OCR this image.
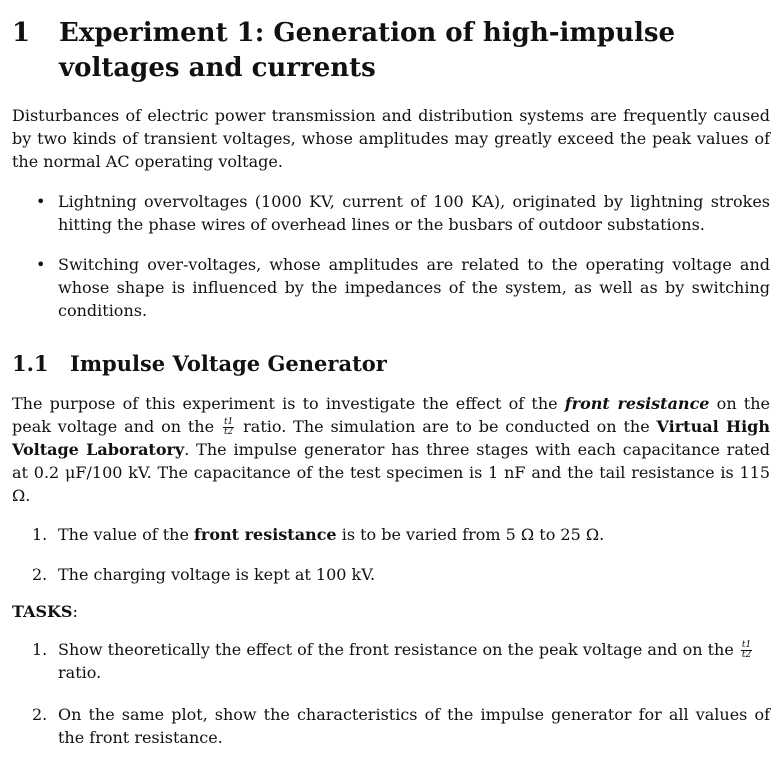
1 Experiment 1: Generation of high-impulse voltages and currents
Disturbances of electric power transmission and distribution systems are frequently caused by two kinds of transient voltages, whose amplitudes may greatly exceed the peak values of the normal AC operating voltage.
• Lightning overvoltages (1000 KV, current of 100 KA), originated by lightning strokes hitting the phase wires of overhead lines or the busbars of outdoor substations.
• Switching over-voltages, whose amplitudes are related to the operating voltage and whose shape is influenced by the impedances of the system, as well as by switching conditions.
1.1 Impulse Voltage Generator
The purpose of this experiment is to investigate the effect of the front resistance on the peak voltage and on the $\frac{t1}{t2}$ ratio. The simulation are to be conducted on the Virtual High Voltage Laboratory. The impulse generator has three stages with each capacitance rated at 0.2 μF/100 kV. The capacitance of the test specimen is 1 nF and the tail resistance is 115 Ω.
1. The value of the front resistance is to be varied from 5 Ω to 25 Ω.
2. The charging voltage is kept at 100 kV.
TASKS:
1. Show theoretically the effect of the front resistance on the peak voltage and on the $\frac{t1}{t2}$

ratio.
2. On the same plot, show the characteristics of the impulse generator for all values of the front resistance.
